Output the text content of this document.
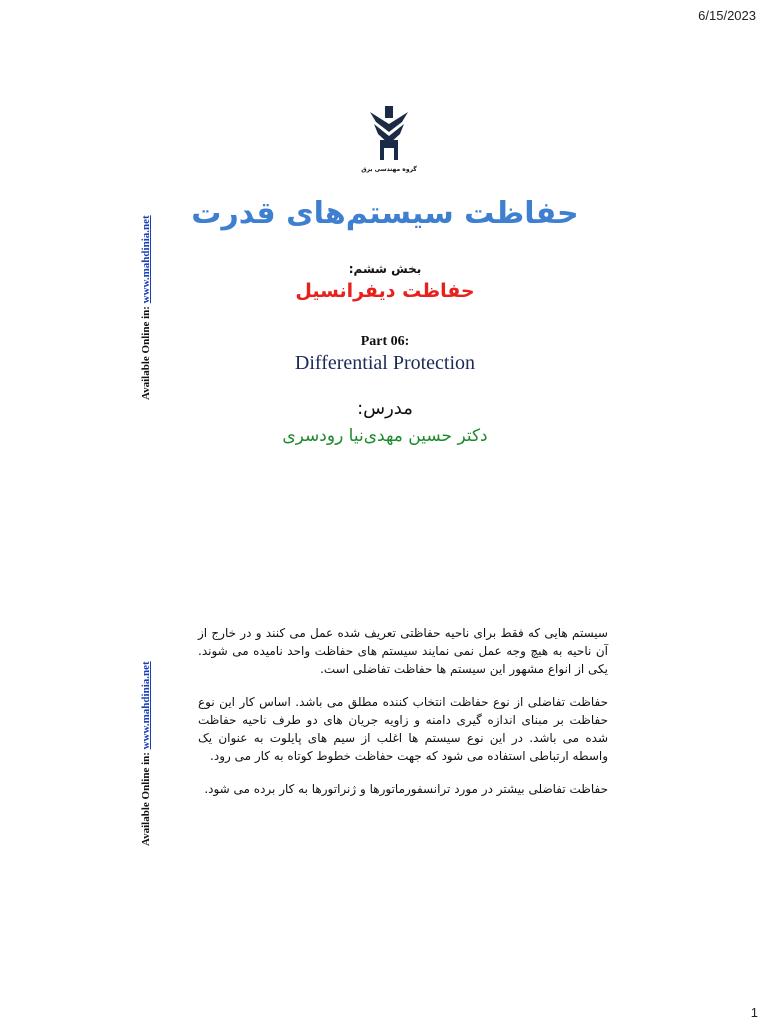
6/15/2023
Available Online in: www.mahdinia.net
گروه مهندسی برق
حفاظت سیستم‌های قدرت
بخش ششم:
حفاظت دیفرانسیل
Part 06:
Differential Protection
مدرس:
دکتر حسین مهدی‌نیا رودسری
Available Online in: www.mahdinia.net

سیستم هایی که فقط برای ناحیه حفاظتی تعریف شده عمل می کنند و در خارج از آن ناحیه به هیچ وجه عمل نمی نمایند سیستم های حفاظت واحد نامیده می شوند. یکی از انواع مشهور این سیستم ها حفاظت تفاضلی است.

حفاظت تفاضلی از نوع حفاظت انتخاب کننده مطلق می باشد. اساس کار این نوع حفاظت بر مبنای اندازه گیری دامنه و زاویه جریان های دو طرف ناحیه حفاظت شده می باشد. در این نوع سیستم ها اغلب از سیم های پایلوت به عنوان یک واسطه ارتباطی استفاده می شود که جهت حفاظت خطوط کوتاه به کار می رود.

حفاظت تفاضلی بیشتر در مورد ترانسفورماتورها و ژنراتورها به کار برده می شود.

1
